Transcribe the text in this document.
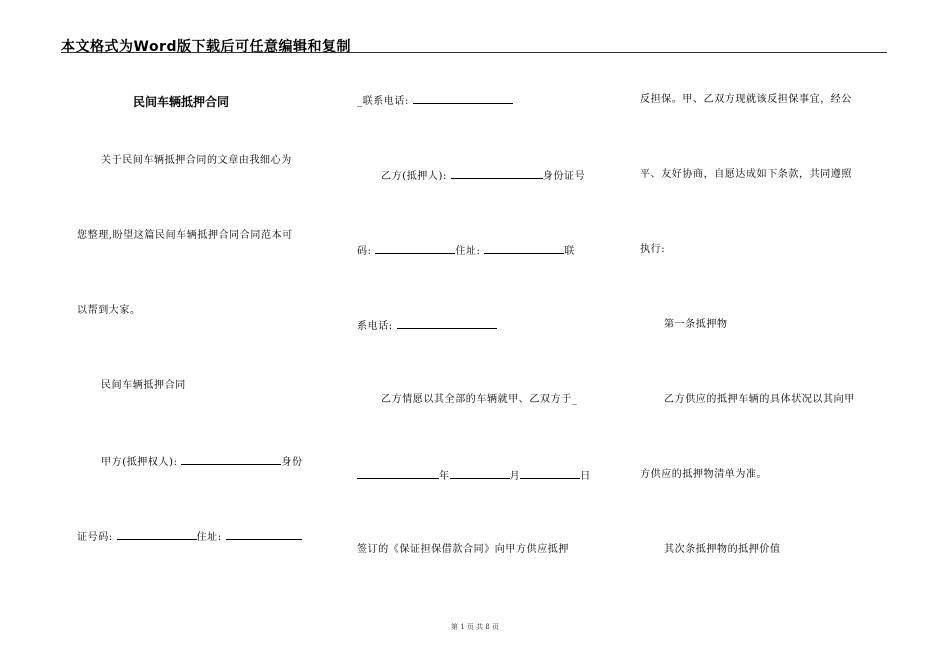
本文格式为Word版下载后可任意编辑和复制
民间车辆抵押合同
关于民间车辆抵押合同的文章由我细心为
您整理,盼望这篇民间车辆抵押合同合同范本可
以帮到大家。
民间车辆抵押合同
甲方(抵押权人):	身份
证号码:	住址:
_联系电话:
乙方(抵押人):	身份证号
码:	住址:	联
系电话:
乙方情愿以其全部的车辆就甲、乙双方于_
年	月	日
签订的《保证担保借款合同》向甲方供应抵押
反担保。甲、乙双方现就该反担保事宜，经公
平、友好协商，自愿达成如下条款，共同遵照
执行:
第一条抵押物
乙方供应的抵押车辆的具体状况以其向甲
方供应的抵押物清单为准。
其次条抵押物的抵押价值
第 1 页 共 8 页
